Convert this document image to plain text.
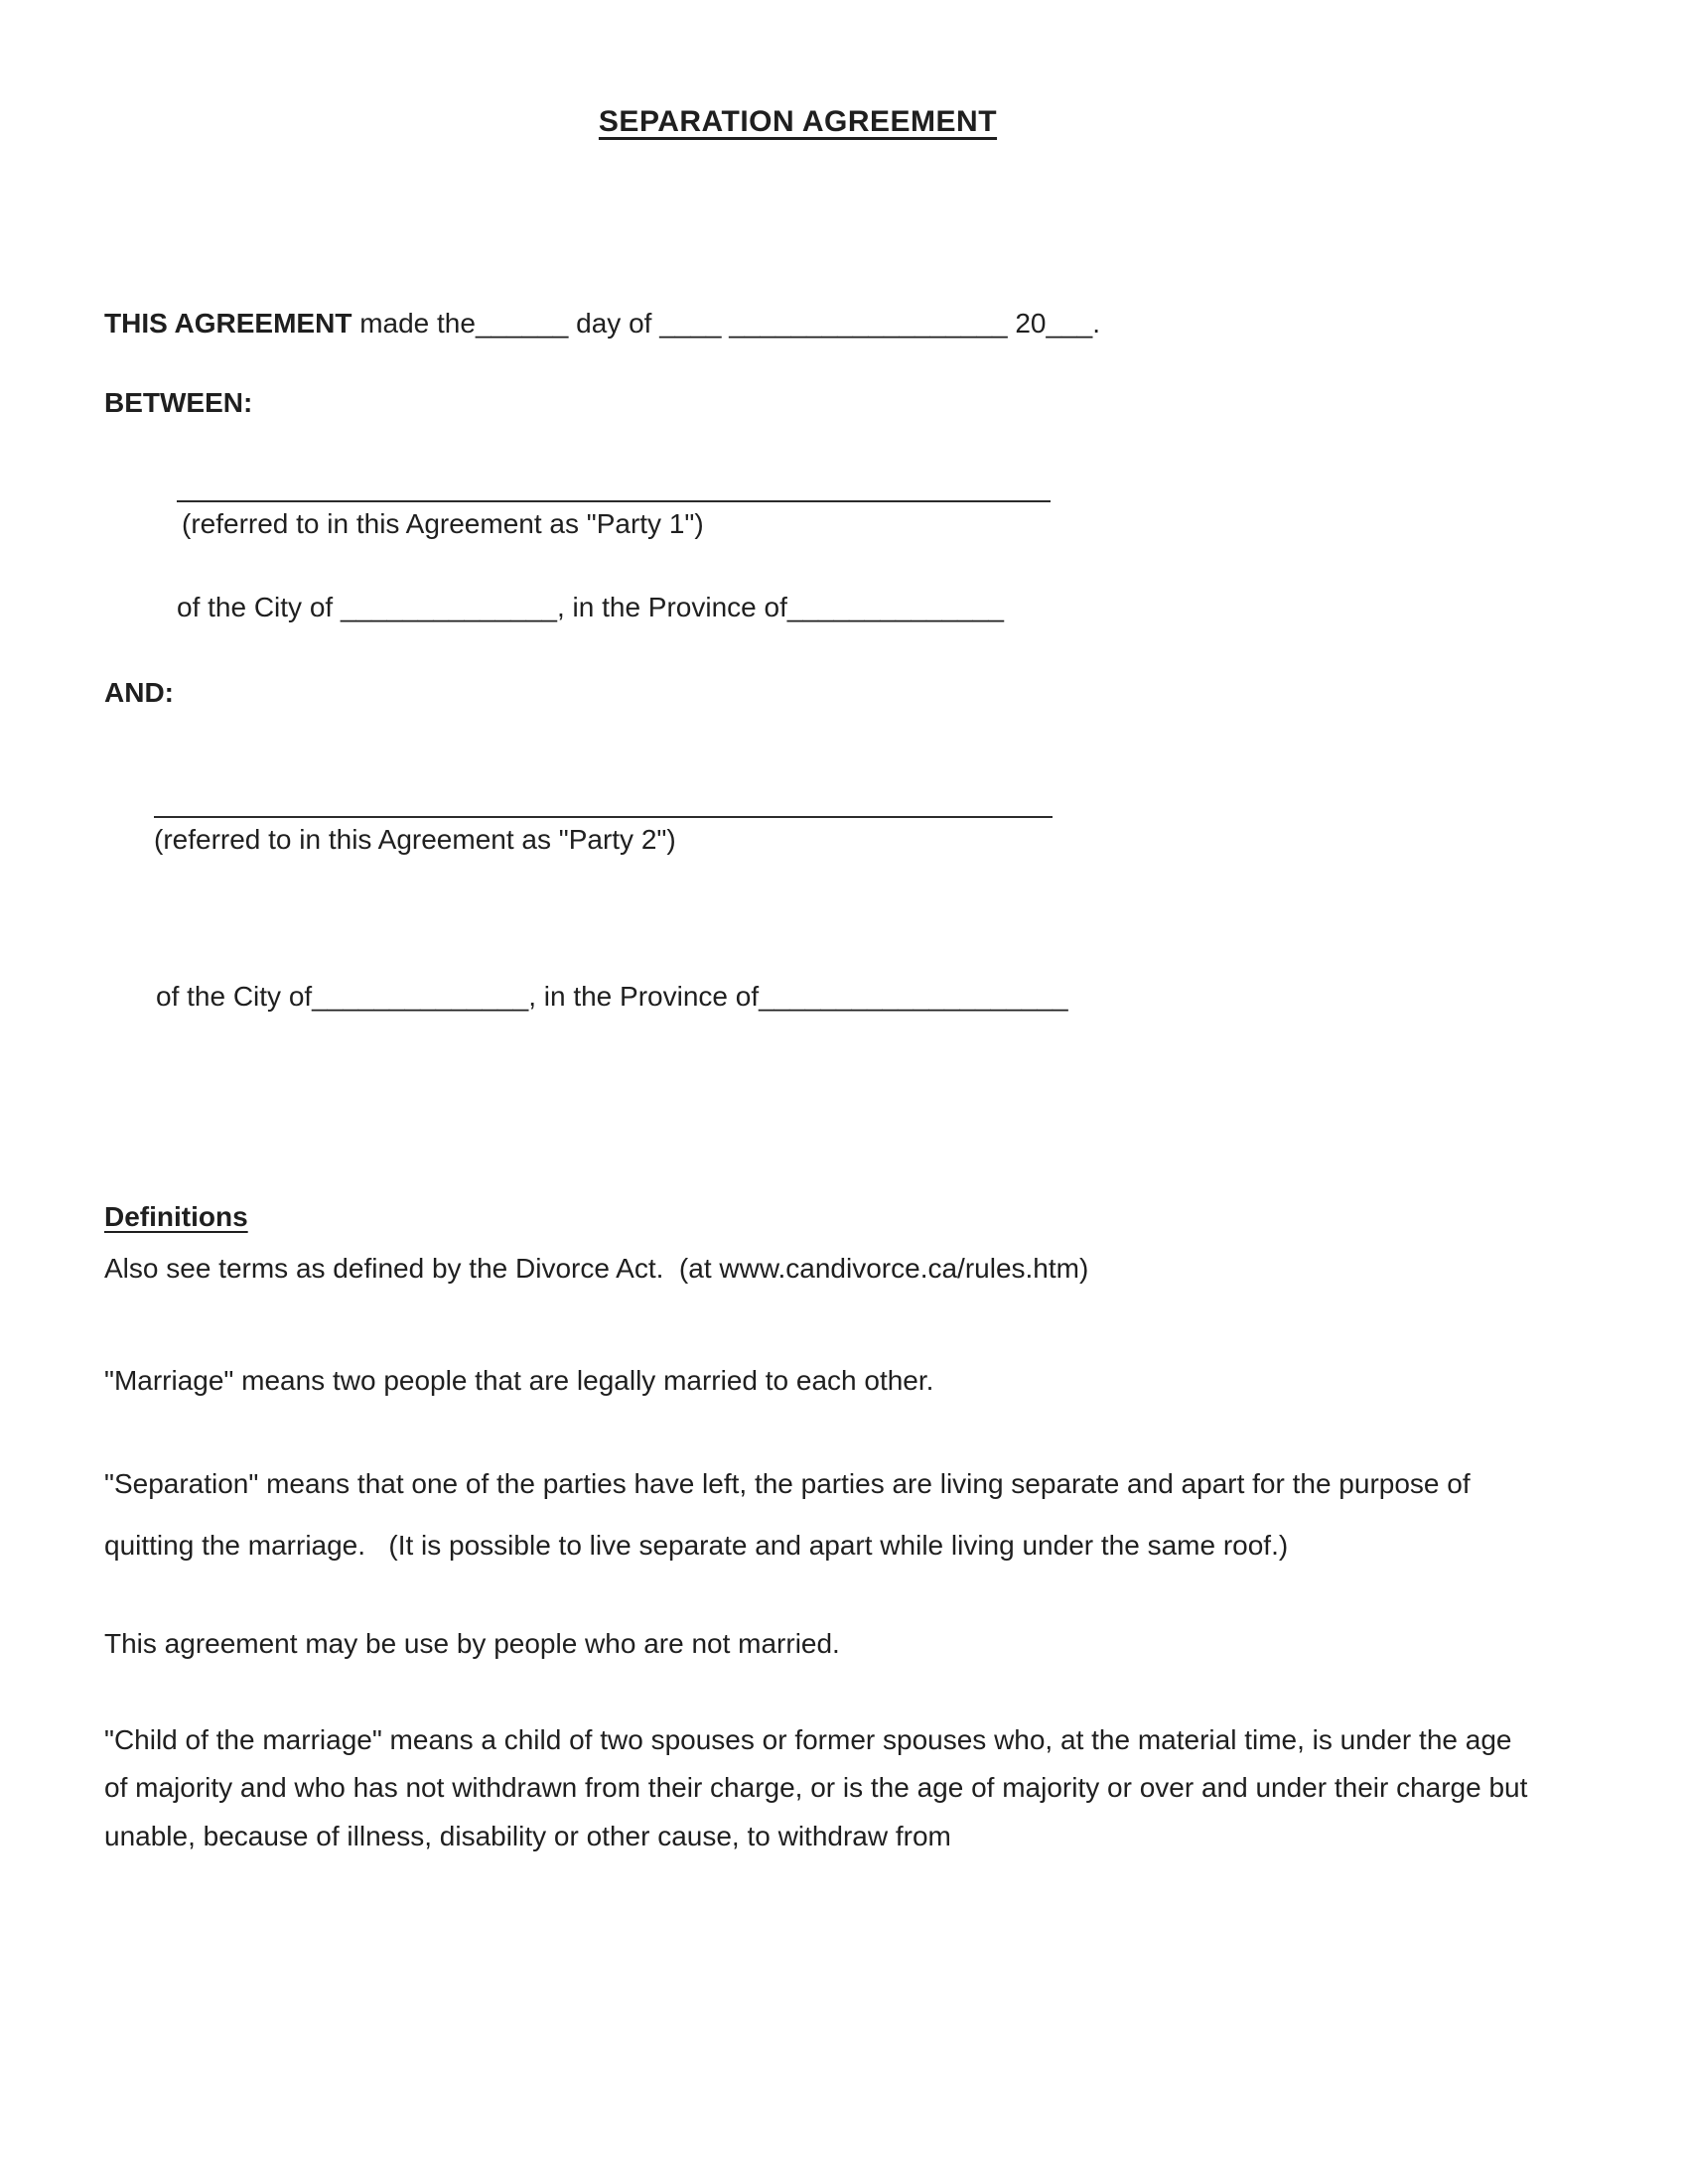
SEPARATION AGREEMENT
THIS AGREEMENT made the______ day of ____ __________________ 20___.
BETWEEN:
(referred to in this Agreement as "Party 1")
of the City of ______________, in the Province of______________
AND:
(referred to in this Agreement as "Party 2")
of the City of______________, in the Province of____________________
Definitions
Also see terms as defined by the Divorce Act.  (at www.candivorce.ca/rules.htm)
"Marriage" means two people that are legally married to each other.
"Separation" means that one of the parties have left, the parties are living separate and apart for the purpose of quitting the marriage.   (It is possible to live separate and apart while living under the same roof.)
This agreement may be use by people who are not married.
"Child of the marriage" means a child of two spouses or former spouses who, at the material time, is under the age of majority and who has not withdrawn from their charge, or is the age of majority or over and under their charge but unable, because of illness, disability or other cause, to withdraw from
